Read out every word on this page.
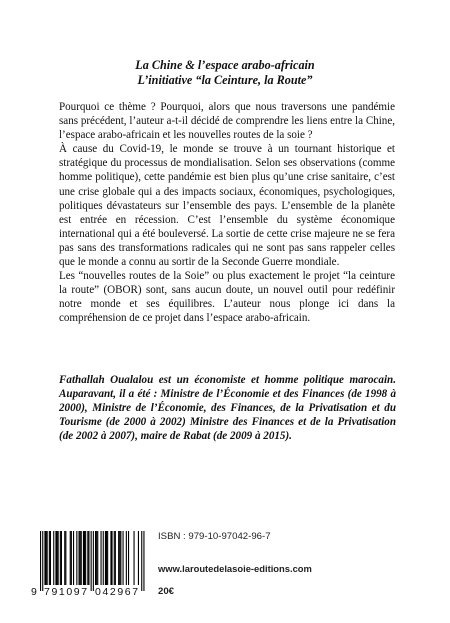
La Chine & l’espace arabo-africain
L’initiative “la Ceinture, la Route”

Pourquoi ce thème ? Pourquoi, alors que nous traversons une pandémie sans précédent, l’auteur a-t-il décidé de comprendre les liens entre la Chine, l’espace arabo-africain et les nouvelles routes de la soie ?

À cause du Covid-19, le monde se trouve à un tournant historique et stratégique du processus de mondialisation. Selon ses observations (comme homme politique), cette pandémie est bien plus qu’une crise sanitaire, c’est une crise globale qui a des impacts sociaux, économiques, psychologiques, politiques dévastateurs sur l’ensemble des pays. L’ensemble de la planète est entrée en récession. C’est l’ensemble du système économique international qui a été bouleversé. La sortie de cette crise majeure ne se fera pas sans des transformations radicales qui ne sont pas sans rappeler celles que le monde a connu au sortir de la Seconde Guerre mondiale.

Les “nouvelles routes de la Soie” ou plus exactement le projet “la ceinture la route” (OBOR) sont, sans aucun doute, un nouvel outil pour redéfinir notre monde et ses équilibres. L’auteur nous plonge ici dans la compréhension de ce projet dans l’espace arabo-africain.

Fathallah Oualalou est un économiste et homme politique marocain. Auparavant, il a été : Ministre de l’Économie et des Finances (de 1998 à 2000), Ministre de l’Économie, des Finances, de la Privatisation et du Tourisme (de 2000 à 2002) Ministre des Finances et de la Privatisation (de 2002 à 2007), maire de Rabat (de 2009 à 2015).

9 791097 042967
ISBN : 979-10-97042-96-7
www.laroutedelasoie-editions.com
20€
